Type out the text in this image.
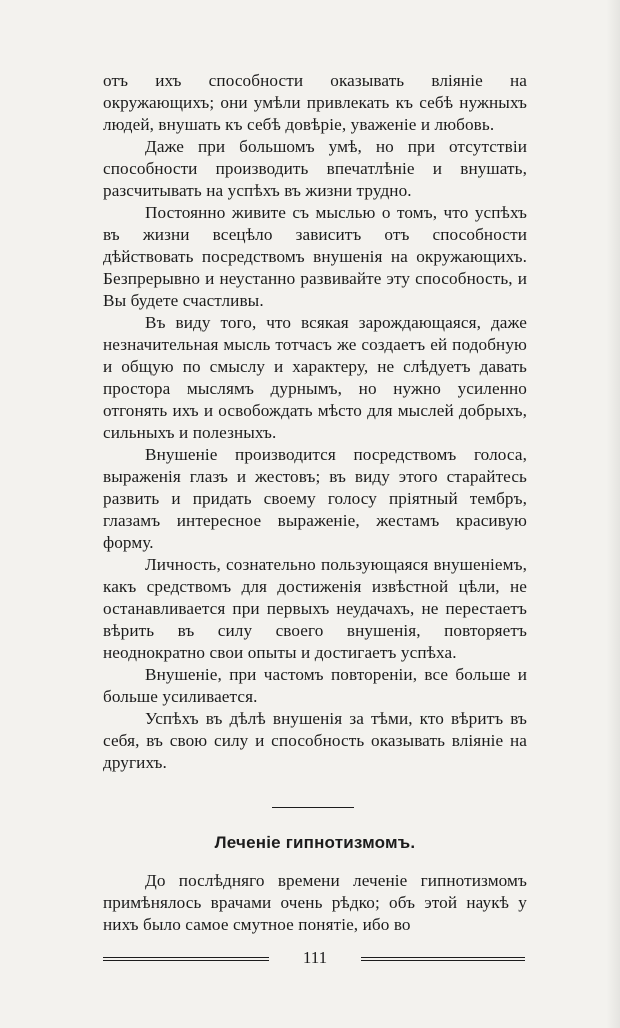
отъ ихъ способности оказывать вліяніе на окружающихъ; они умѣли привлекать къ себѣ нужныхъ людей, внушать къ себѣ довѣріе, уваженіе и любовь.

Даже при большомъ умѣ, но при отсутствіи способности производить впечатлѣніе и внушать, разсчитывать на успѣхъ въ жизни трудно.

Постоянно живите съ мыслью о томъ, что успѣхъ въ жизни всецѣло зависитъ отъ способности дѣйствовать посредствомъ внушенія на окружающихъ. Безпрерывно и неустанно развивайте эту способность, и Вы будете счастливы.

Въ виду того, что всякая зарождающаяся, даже незначительная мысль тотчасъ же создаетъ ей подобную и общую по смыслу и характеру, не слѣдуетъ давать простора мыслямъ дурнымъ, но нужно усиленно отгонять ихъ и освобождать мѣсто для мыслей добрыхъ, сильныхъ и полезныхъ.

Внушеніе производится посредствомъ голоса, выраженія глазъ и жестовъ; въ виду этого старайтесь развить и придать своему голосу пріятный тембръ, глазамъ интересное выраженіе, жестамъ красивую форму.

Личность, сознательно пользующаяся внушеніемъ, какъ средствомъ для достиженія извѣстной цѣли, не останавливается при первыхъ неудачахъ, не перестаетъ вѣрить въ силу своего внушенія, повторяетъ неоднократно свои опыты и достигаетъ успѣха.

Внушеніе, при частомъ повтореніи, все больше и больше усиливается.

Успѣхъ въ дѣлѣ внушенія за тѣми, кто вѣритъ въ себя, въ свою силу и способность оказывать вліяніе на другихъ.

Леченіе гипнотизмомъ.

До послѣдняго времени леченіе гипнотизмомъ примѣнялось врачами очень рѣдко; объ этой наукѣ у нихъ было самое смутное понятіе, ибо во

111
